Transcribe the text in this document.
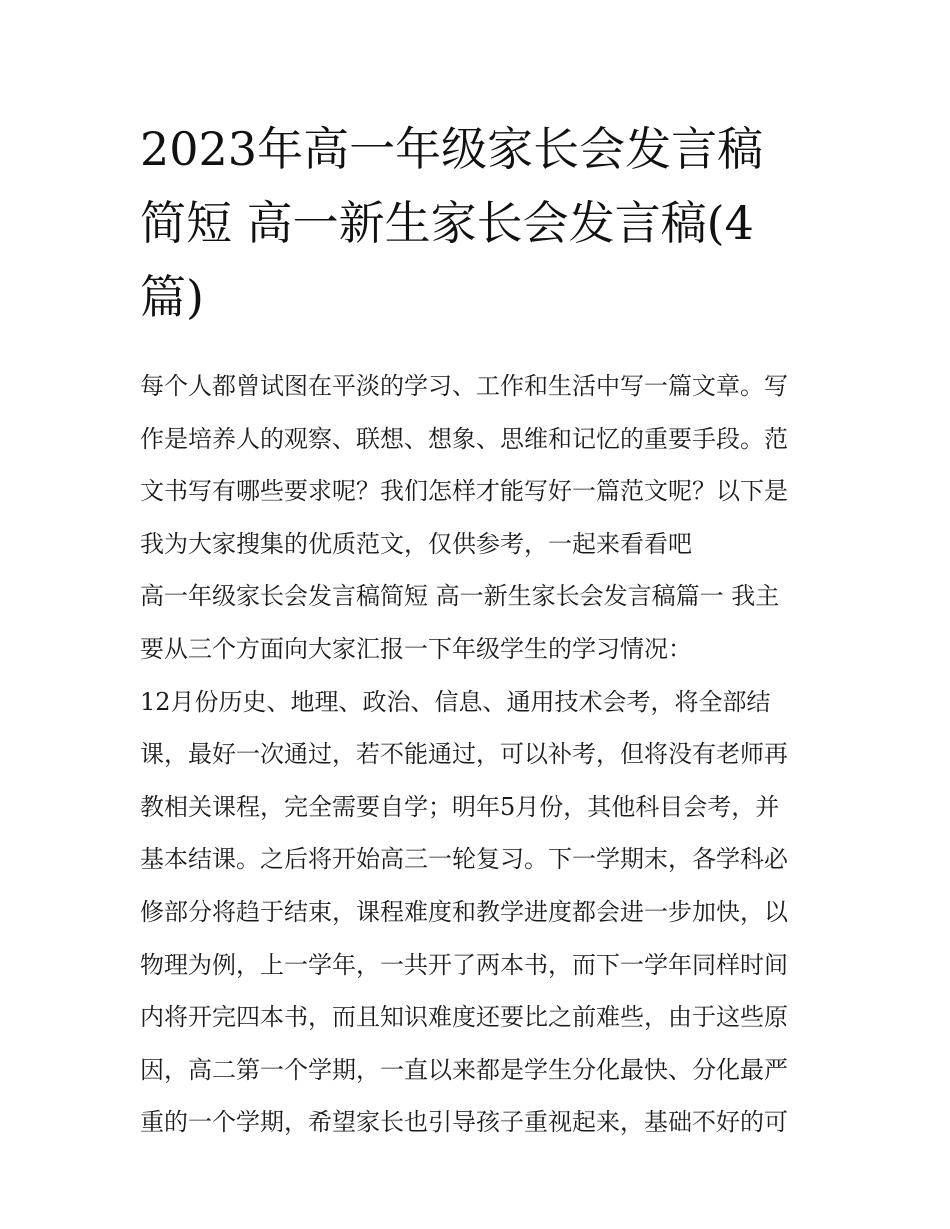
2023年高一年级家长会发言稿
简短 高一新生家长会发言稿(4
篇)
每个人都曾试图在平淡的学习、工作和生活中写一篇文章。写
作是培养人的观察、联想、想象、思维和记忆的重要手段。范
文书写有哪些要求呢？我们怎样才能写好一篇范文呢？以下是
我为大家搜集的优质范文，仅供参考，一起来看看吧
高一年级家长会发言稿简短 高一新生家长会发言稿篇一 我主
要从三个方面向大家汇报一下年级学生的学习情况：
12月份历史、地理、政治、信息、通用技术会考，将全部结
课，最好一次通过，若不能通过，可以补考，但将没有老师再
教相关课程，完全需要自学；明年5月份，其他科目会考，并
基本结课。之后将开始高三一轮复习。下一学期末，各学科必
修部分将趋于结束，课程难度和教学进度都会进一步加快，以
物理为例，上一学年，一共开了两本书，而下一学年同样时间
内将开完四本书，而且知识难度还要比之前难些，由于这些原
因，高二第一个学期，一直以来都是学生分化最快、分化最严
重的一个学期，希望家长也引导孩子重视起来，基础不好的可
